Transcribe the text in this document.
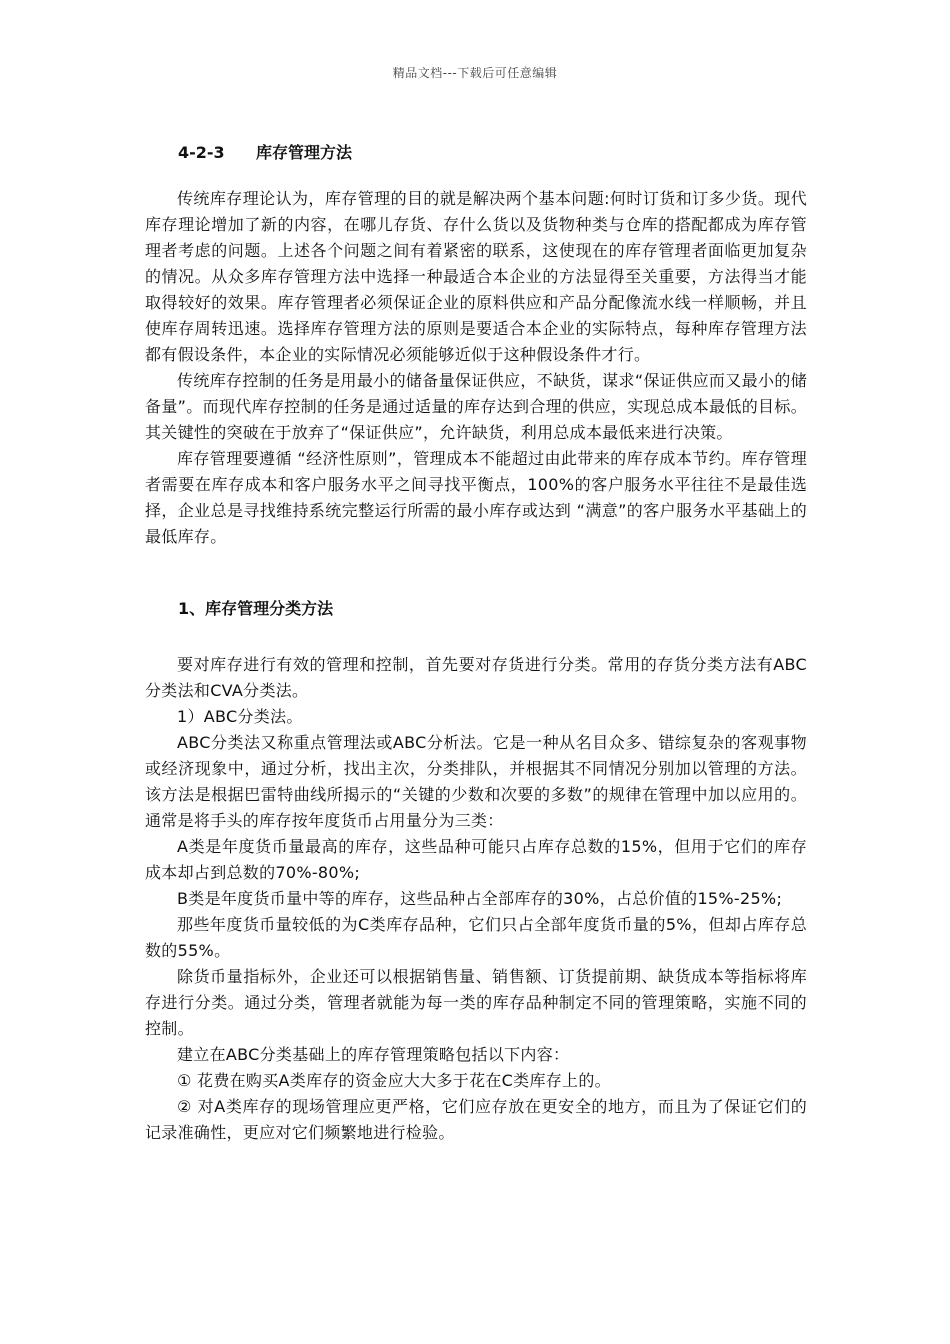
精品文档---下载后可任意编辑
4-2-3 库存管理方法

传统库存理论认为，库存管理的目的就是解决两个基本问题:何时订货和订多少货。现代库存理论增加了新的内容，在哪儿存货、存什么货以及货物种类与仓库的搭配都成为库存管理者考虑的问题。上述各个问题之间有着紧密的联系，这使现在的库存管理者面临更加复杂的情况。从众多库存管理方法中选择一种最适合本企业的方法显得至关重要，方法得当才能取得较好的效果。库存管理者必须保证企业的原料供应和产品分配像流水线一样顺畅，并且使库存周转迅速。选择库存管理方法的原则是要适合本企业的实际特点，每种库存管理方法都有假设条件，本企业的实际情况必须能够近似于这种假设条件才行。

传统库存控制的任务是用最小的储备量保证供应，不缺货，谋求“保证供应而又最小的储备量”。而现代库存控制的任务是通过适量的库存达到合理的供应，实现总成本最低的目标。其关键性的突破在于放弃了“保证供应”，允许缺货，利用总成本最低来进行决策。

库存管理要遵循 “经济性原则”，管理成本不能超过由此带来的库存成本节约。库存管理者需要在库存成本和客户服务水平之间寻找平衡点，100%的客户服务水平往往不是最佳选择，企业总是寻找维持系统完整运行所需的最小库存或达到 “满意”的客户服务水平基础上的最低库存。

1、库存管理分类方法

要对库存进行有效的管理和控制，首先要对存货进行分类。常用的存货分类方法有ABC分类法和CVA分类法。

1）ABC分类法。

ABC分类法又称重点管理法或ABC分析法。它是一种从名目众多、错综复杂的客观事物或经济现象中，通过分析，找出主次，分类排队，并根据其不同情况分别加以管理的方法。该方法是根据巴雷特曲线所揭示的“关键的少数和次要的多数”的规律在管理中加以应用的。通常是将手头的库存按年度货币占用量分为三类：

A类是年度货币量最高的库存，这些品种可能只占库存总数的15%，但用于它们的库存成本却占到总数的70%-80%;

B类是年度货币量中等的库存，这些品种占全部库存的30%，占总价值的15%-25%;

那些年度货币量较低的为C类库存品种，它们只占全部年度货币量的5%，但却占库存总数的55%。

除货币量指标外，企业还可以根据销售量、销售额、订货提前期、缺货成本等指标将库存进行分类。通过分类，管理者就能为每一类的库存品种制定不同的管理策略，实施不同的控制。

建立在ABC分类基础上的库存管理策略包括以下内容：

① 花费在购买A类库存的资金应大大多于花在C类库存上的。

② 对A类库存的现场管理应更严格，它们应存放在更安全的地方，而且为了保证它们的记录准确性，更应对它们频繁地进行检验。
